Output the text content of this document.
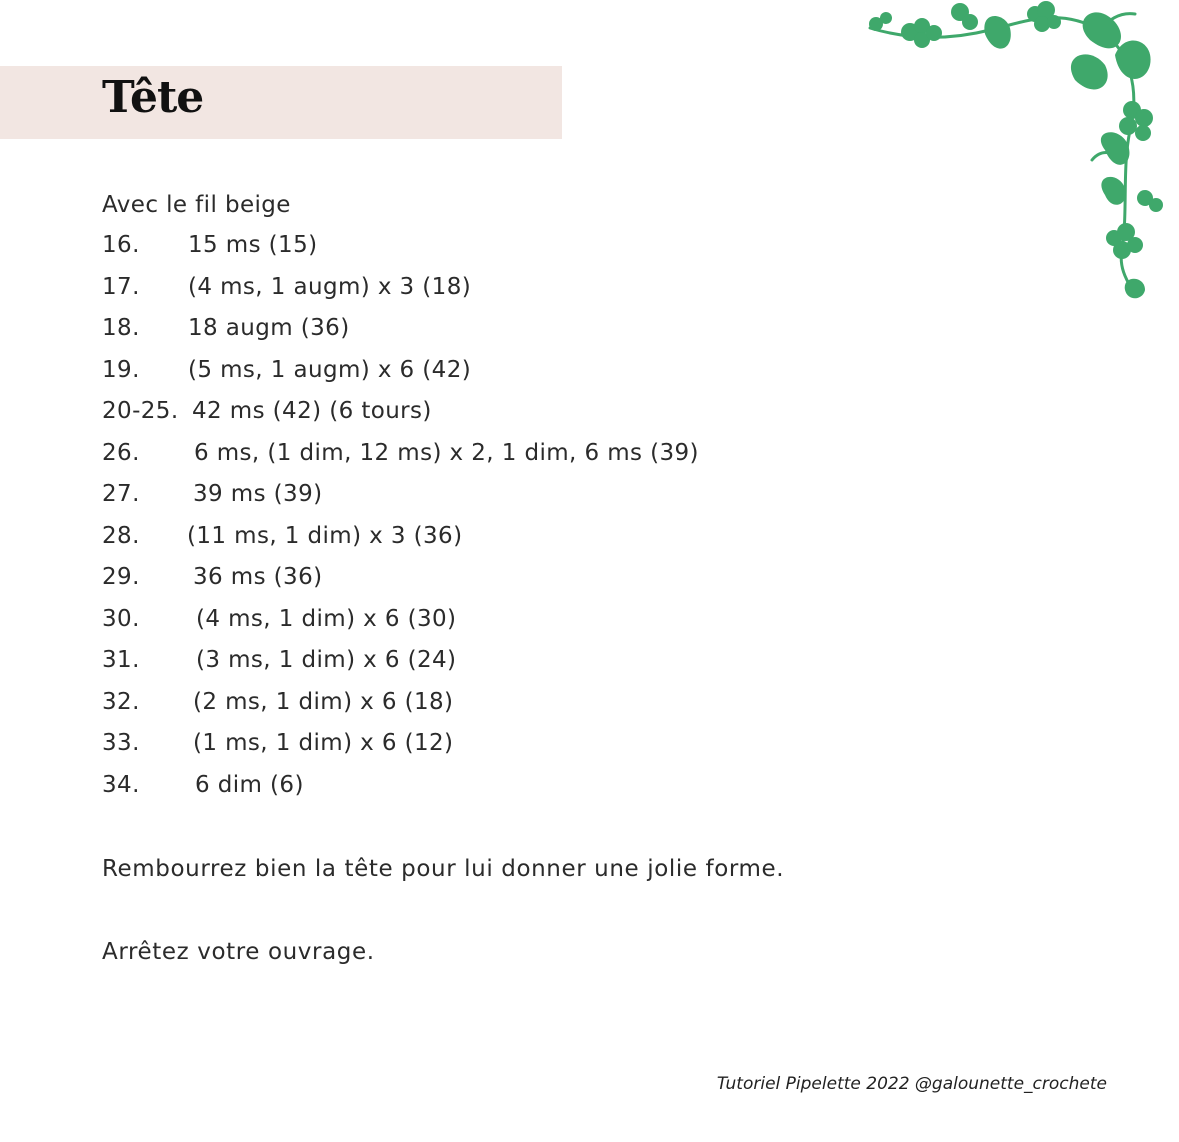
Tête

Avec le fil beige

16. 15 ms (15)
17. (4 ms, 1 augm) x 3 (18)
18. 18 augm (36)
19. (5 ms, 1 augm) x 6 (42)
20-25. 42 ms (42) (6 tours)
26. 6 ms, (1 dim, 12 ms) x 2, 1 dim, 6 ms (39)
27. 39 ms (39)
28. (11 ms, 1 dim) x 3 (36)
29. 36 ms (36)
30. (4 ms, 1 dim) x 6 (30)
31. (3 ms, 1 dim) x 6 (24)
32. (2 ms, 1 dim) x 6 (18)
33. (1 ms, 1 dim) x 6 (12)
34. 6 dim (6)

Rembourrez bien la tête pour lui donner une jolie forme.

Arrêtez votre ouvrage.

Tutoriel Pipelette 2022 @galounette_crochete
